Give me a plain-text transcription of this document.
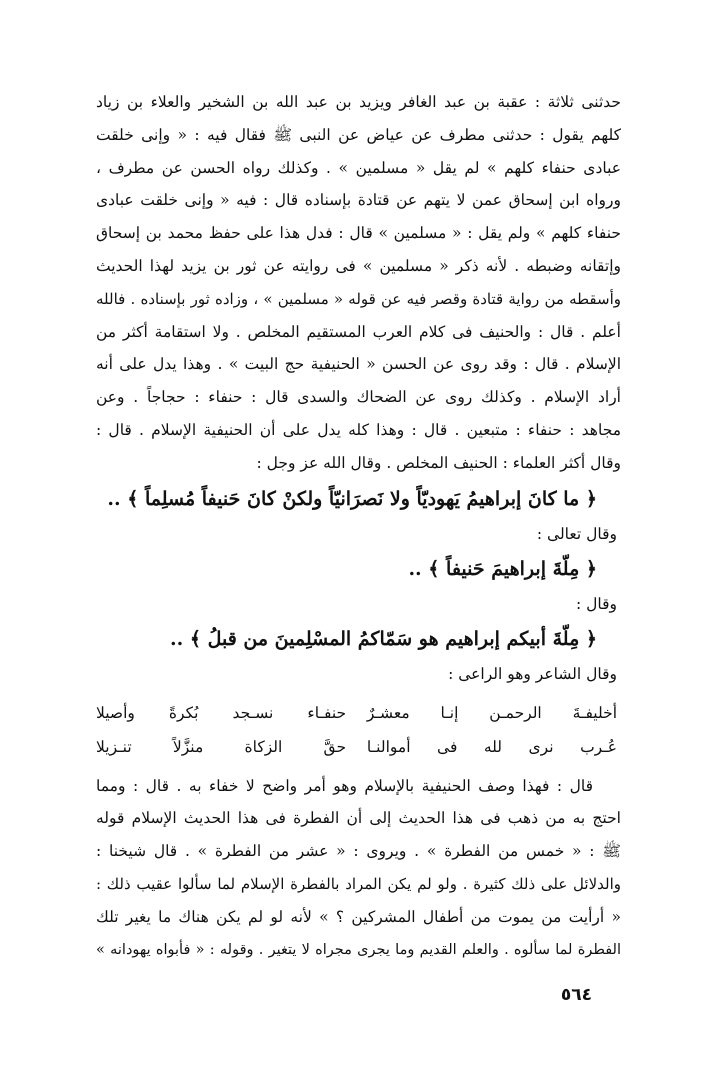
حدثنى ثلاثة : عقبة بن عبد الغافر ويزيد بن عبد الله بن الشخير والعلاء بن زياد
كلهم يقول : حدثنى مطرف عن عياض عن النبى ﷺ فقال فيه : « وإنى خلقت
عبادى حنفاء كلهم » لم يقل « مسلمين » . وكذلك رواه الحسن عن مطرف ،
ورواه ابن إسحاق عمن لا يتهم عن قتادة بإسناده قال : فيه « وإنى خلقت عبادى
حنفاء كلهم » ولم يقل : « مسلمين » قال : فدل هذا على حفظ محمد بن إسحاق
وإتقانه وضبطه . لأنه ذكر « مسلمين » فى روايته عن ثور بن يزيد لهذا الحديث
وأسقطه من رواية قتادة وقصر فيه عن قوله « مسلمين » ، وزاده ثور بإسناده . فالله
أعلم . قال : والحنيف فى كلام العرب المستقيم المخلص . ولا استقامة أكثر من
الإسلام . قال : وقد روى عن الحسن « الحنيفية حج البيت » . وهذا يدل على أنه
أراد الإسلام . وكذلك روى عن الضحاك والسدى قال : حنفاء : حجاجاً . وعن
مجاهد : حنفاء : متبعين . قال : وهذا كله يدل على أن الحنيفية الإسلام . قال :
وقال أكثر العلماء : الحنيف المخلص . وقال الله عز وجل :
﴿ ما كانَ إبراهيمُ يَهوديّاً ولا نَصرَانيّاً ولكنْ كانَ حَنيفاً مُسلِماً ﴾ ..
وقال تعالى :
﴿ مِلّةَ إبراهيمَ حَنيفاً ﴾ ..
وقال :
﴿ مِلّةَ أبيكم إبراهيم هو سَمّاكمُ المسْلِمينَ من قبلُ ﴾ ..
وقال الشاعر وهو الراعى :
أخليفـةَ الرحمـن إنـا معشـرٌ
حنفـاء نسـجد بُكرةً وأصيلا
عُـرب نرى لله فى أموالنـا
حقَّ الزكاة منزَّلاً تنـزيلا
قال : فهذا وصف الحنيفية بالإسلام وهو أمر واضح لا خفاء به . قال : ومما
احتج به من ذهب فى هذا الحديث إلى أن الفطرة فى هذا الحديث الإسلام قوله
ﷺ : « خمس من الفطرة » . ويروى : « عشر من الفطرة » . قال شيخنا :
والدلائل على ذلك كثيرة . ولو لم يكن المراد بالفطرة الإسلام لما سألوا عقيب ذلك :
« أرأيت من يموت من أطفال المشركين ؟ » لأنه لو لم يكن هناك ما يغير تلك
الفطرة لما سألوه . والعلم القديم وما يجرى مجراه لا يتغير . وقوله : « فأبواه يهودانه »
٥٦٤
